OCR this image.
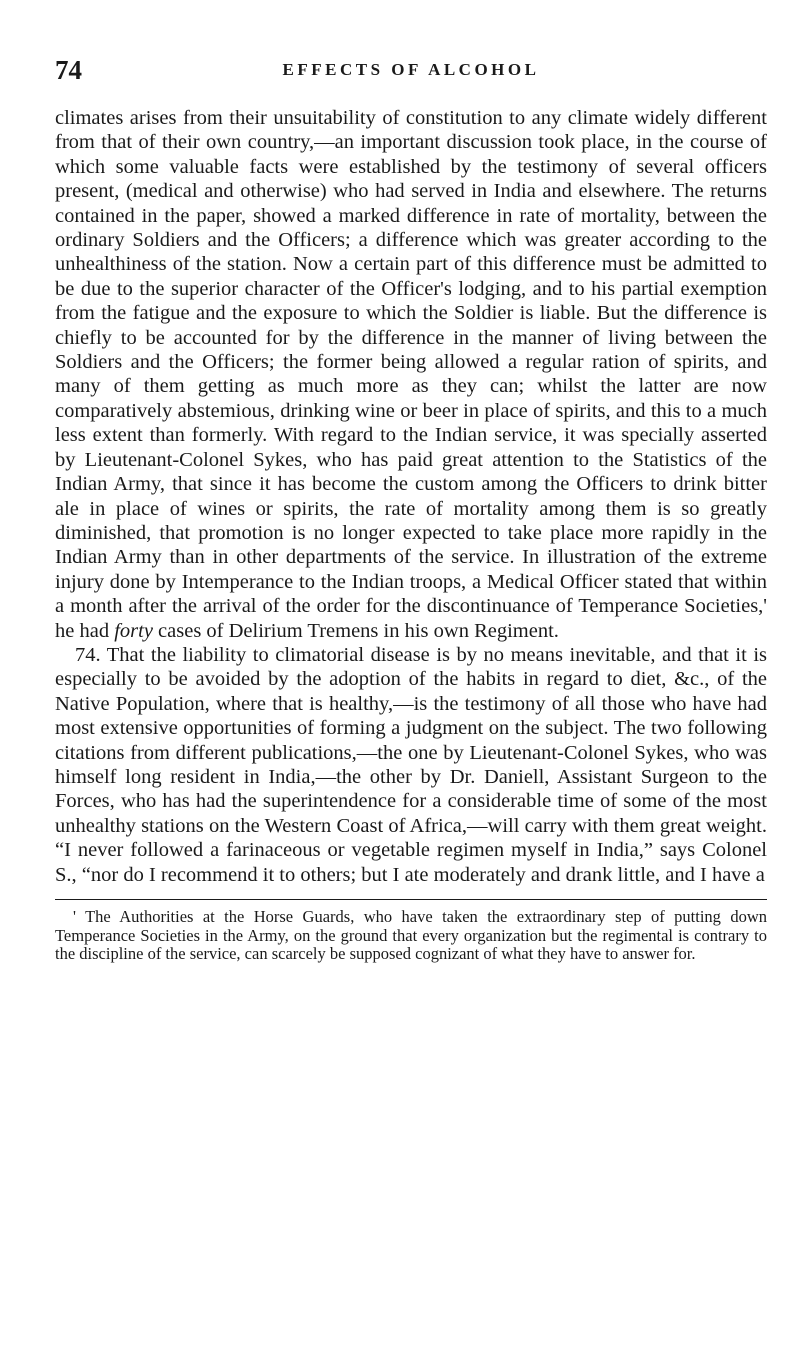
74	EFFECTS OF ALCOHOL

climates arises from their unsuitability of constitution to any climate widely different from that of their own country,—an important discussion took place, in the course of which some valuable facts were established by the testimony of several officers present, (medical and otherwise) who had served in India and elsewhere. The returns contained in the paper, showed a marked difference in rate of mortality, between the ordinary Soldiers and the Officers; a difference which was greater according to the unhealthiness of the station. Now a certain part of this difference must be admitted to be due to the superior character of the Officer's lodging, and to his partial exemption from the fatigue and the exposure to which the Soldier is liable. But the difference is chiefly to be accounted for by the difference in the manner of living between the Soldiers and the Officers; the former being allowed a regular ration of spirits, and many of them getting as much more as they can; whilst the latter are now comparatively abstemious, drinking wine or beer in place of spirits, and this to a much less extent than formerly. With regard to the Indian service, it was specially asserted by Lieutenant-Colonel Sykes, who has paid great attention to the Statistics of the Indian Army, that since it has become the custom among the Officers to drink bitter ale in place of wines or spirits, the rate of mortality among them is so greatly diminished, that promotion is no longer expected to take place more rapidly in the Indian Army than in other departments of the service. In illustration of the extreme injury done by Intemperance to the Indian troops, a Medical Officer stated that within a month after the arrival of the order for the discontinuance of Temperance Societies,' he had forty cases of Delirium Tremens in his own Regiment.

74. That the liability to climatorial disease is by no means inevitable, and that it is especially to be avoided by the adoption of the habits in regard to diet, &c., of the Native Population, where that is healthy,—is the testimony of all those who have had most extensive opportunities of forming a judgment on the subject. The two following citations from different publications,—the one by Lieutenant-Colonel Sykes, who was himself long resident in India,—the other by Dr. Daniell, Assistant Surgeon to the Forces, who has had the superintendence for a considerable time of some of the most unhealthy stations on the Western Coast of Africa,—will carry with them great weight. “I never followed a farinaceous or vegetable regimen myself in India,” says Colonel S., “nor do I recommend it to others; but I ate moderately and drank little, and I have a

' The Authorities at the Horse Guards, who have taken the extraordinary step of putting down Temperance Societies in the Army, on the ground that every organization but the regimental is contrary to the discipline of the service, can scarcely be supposed cognizant of what they have to answer for.
